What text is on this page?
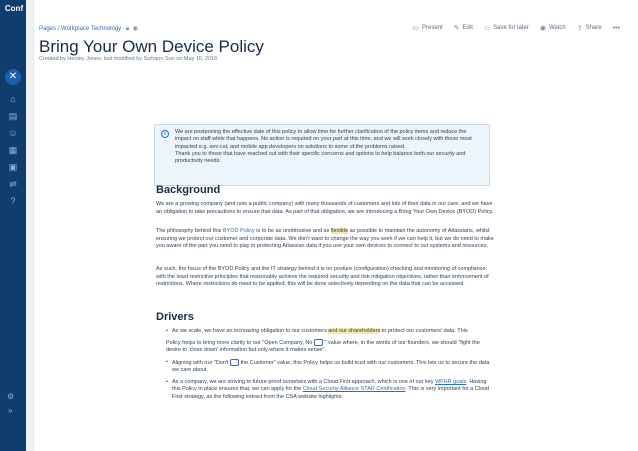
Conf
✕
⌂
▤
☺
▦
▣
⇌
?
⚙
»
Pages / Workplace Technology 🔒︎ ◉	▭ Present ✎ Edit ☆ Save for later ◉ Watch ⇪ Share •••
Bring Your Own Device Policy
Created by Henley Jones, last modified by Sizhann Sun on May 10, 2016
i	We are postponing the effective date of this policy to allow time for further clarification of the policy items and reduce the
impact on staff while that happens. No action is required on your part at this time, and we will work closely with those most
impacted e.g. sev-cal, and mobile app developers on solutions to some of the problems raised.
Thank you to those that have reached out with their specific concerns and options to help balance both our security and
productivity needs.
Background

We are a growing company (and now a public company) with many thousands of customers and lots of their data in our care, and we have an obligation to take precautions to ensure that data. As part of that obligation, we are introducing a Bring Your Own Device (BYOD) Policy.

The philosophy behind this BYOD Policy is to be as unobtrusive and as flexible as possible to maintain the autonomy of Atlassians, whilst ensuring we protect our customer and corporate data. We don't want to change the way you work if we can help it, but we do need to make you aware of the part you need to play in protecting Atlassian data if you use your own devices to connect to our systems and resources.

As such, the focus of the BYOD Policy and the IT strategy behind it is on posture (configuration) checking and monitoring of compliance: with the least restrictive principles that reasonably achieve the required security and risk mitigation objectives, rather than enforcement of restrictions. Where restrictions do need to be applied, this will be done selectively depending on the data that can be accessed.

Drivers
• As we scale, we have an increasing obligation to our customers and our shareholders to protect our customers' data. This
Policy helps to bring more clarity to our "Open Company, No " value where, in the words of our founders, we should "fight the desire to 'close down' information but only where it makes sense".
• Aligning with our "Don't the Customer" value, this Policy helps us build trust with our customers. This lets us to secure the data we care about.
• As a company, we are striving to future-proof ourselves with a Cloud First approach, which is one of our key WFHR goals. Having this Policy in place ensures that, we can apply for the Cloud Security Alliance STAR Certification. This is very important for a Cloud First strategy, as the following extract from the CSA website highlights:
